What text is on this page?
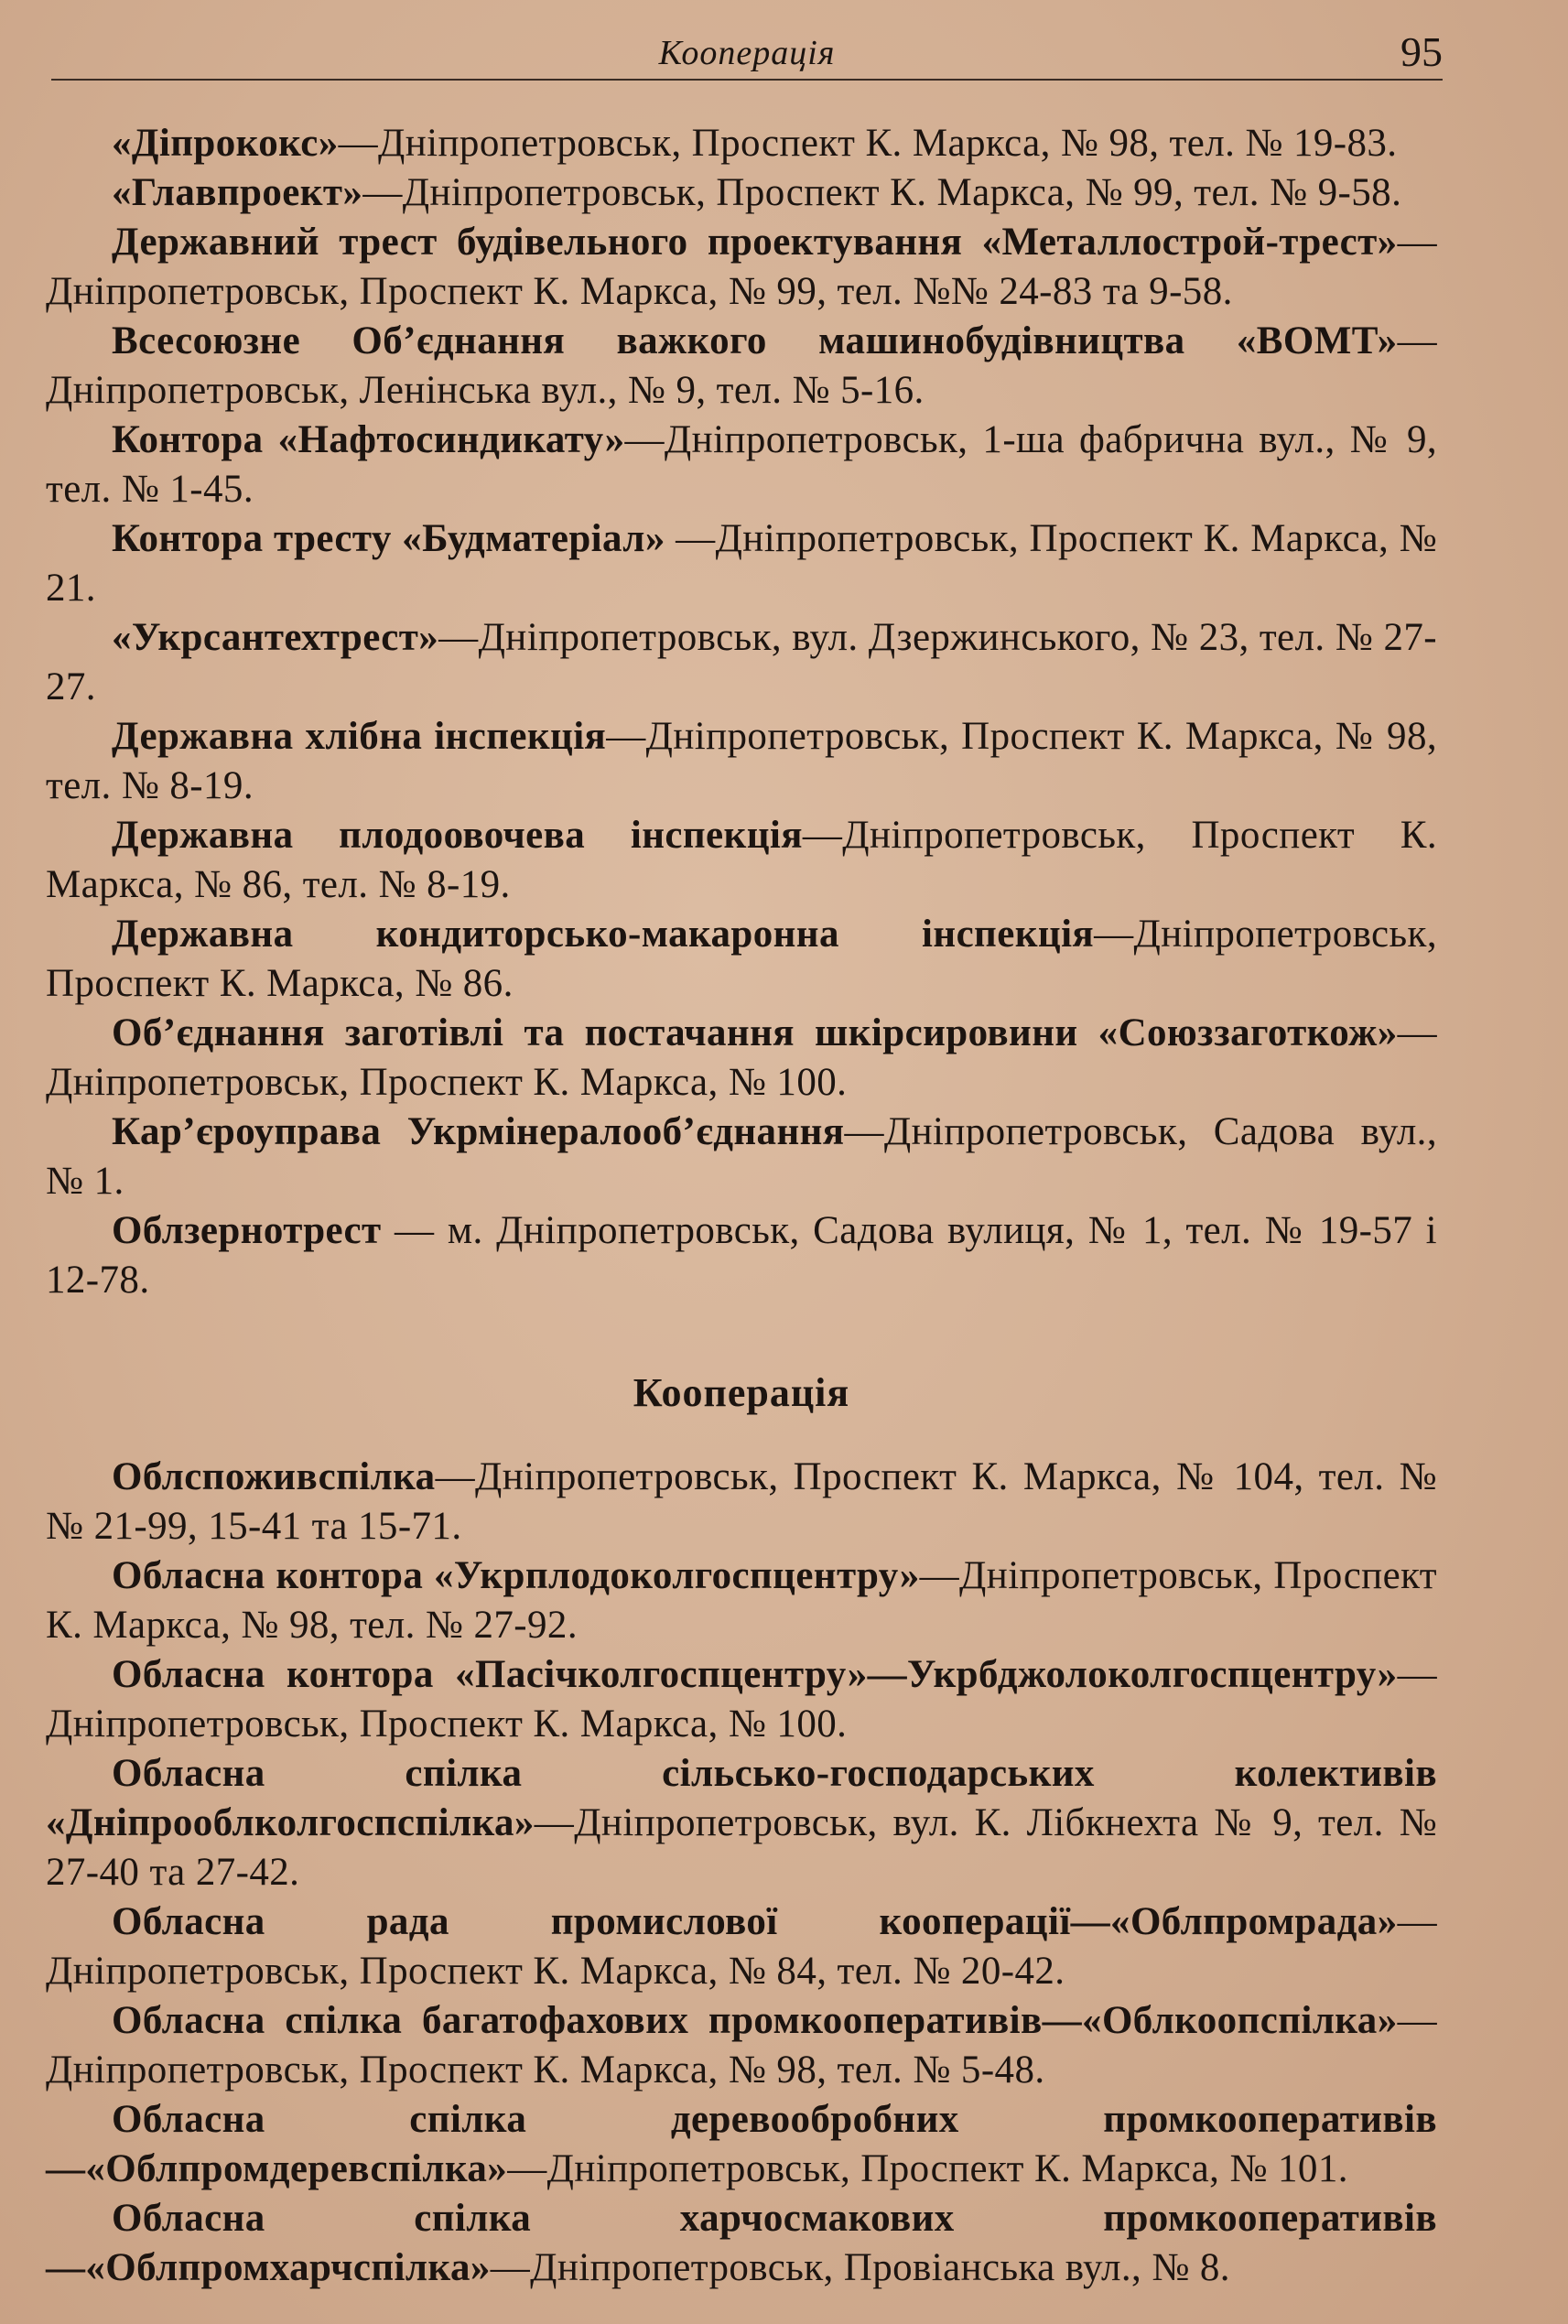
Кооперація	95

«Діпрококс»—Дніпропетровськ, Проспект К. Маркса, № 98, тел. № 19-83.

«Главпроект»—Дніпропетровськ, Проспект К. Маркса, № 99, тел. № 9-58.

Державний трест будівельного проектування «Металлострой-трест»—Дніпропетровськ, Проспект К. Маркса, № 99, тел. №№ 24-83 та 9-58.

Всесоюзне Об’єднання важкого машинобудівництва «ВОМТ»—Дніпропетровськ, Ленінська вул., № 9, тел. № 5-16.

Контора «Нафтосиндикату»—Дніпропетровськ, 1-ша фабрична вул., № 9, тел. № 1-45.

Контора тресту «Будматеріал» —Дніпропетровськ, Проспект К. Маркса, № 21.

«Укрсантехтрест»—Дніпропетровськ, вул. Дзержинського, № 23, тел. № 27-27.

Державна хлібна інспекція—Дніпропетровськ, Проспект К. Маркса, № 98, тел. № 8-19.

Державна плодоовочева інспекція—Дніпропетровськ, Проспект К. Маркса, № 86, тел. № 8-19.

Державна кондиторсько-макаронна інспекція—Дніпропетровськ, Проспект К. Маркса, № 86.

Об’єднання заготівлі та постачання шкірсировини «Союззаготкож»—Дніпропетровськ, Проспект К. Маркса, № 100.

Кар’єроуправа Укрмінералооб’єднання—Дніпропетровськ, Садова вул., № 1.

Облзернотрест — м. Дніпропетровськ, Садова вулиця, № 1, тел. № 19-57 і 12-78.

Кооперація

Облспоживспілка—Дніпропетровськ, Проспект К. Маркса, № 104, тел. №№ 21-99, 15-41 та 15-71.

Обласна контора «Укрплодоколгоспцентру»—Дніпропетровськ, Проспект К. Маркса, № 98, тел. № 27-92.

Обласна контора «Пасічколгоспцентру»—Укрбджолоколгоспцентру»—Дніпропетровськ, Проспект К. Маркса, № 100.

Обласна спілка сільсько-господарських колективів «Дніпрооблколгоспспілка»—Дніпропетровськ, вул. К. Лібкнехта № 9, тел. № 27-40 та 27-42.

Обласна рада промислової кооперації—«Облпромрада»—Дніпропетровськ, Проспект К. Маркса, № 84, тел. № 20-42.

Обласна спілка багатофахових промкооперативів—«Облкоопспілка»—Дніпропетровськ, Проспект К. Маркса, № 98, тел. № 5-48.

Обласна спілка деревообробних промкооперативів—«Облпромдеревспілка»—Дніпропетровськ, Проспект К. Маркса, № 101.

Обласна спілка харчосмакових промкооперативів—«Облпромхарчспілка»—Дніпропетровськ, Провіанська вул., № 8.
